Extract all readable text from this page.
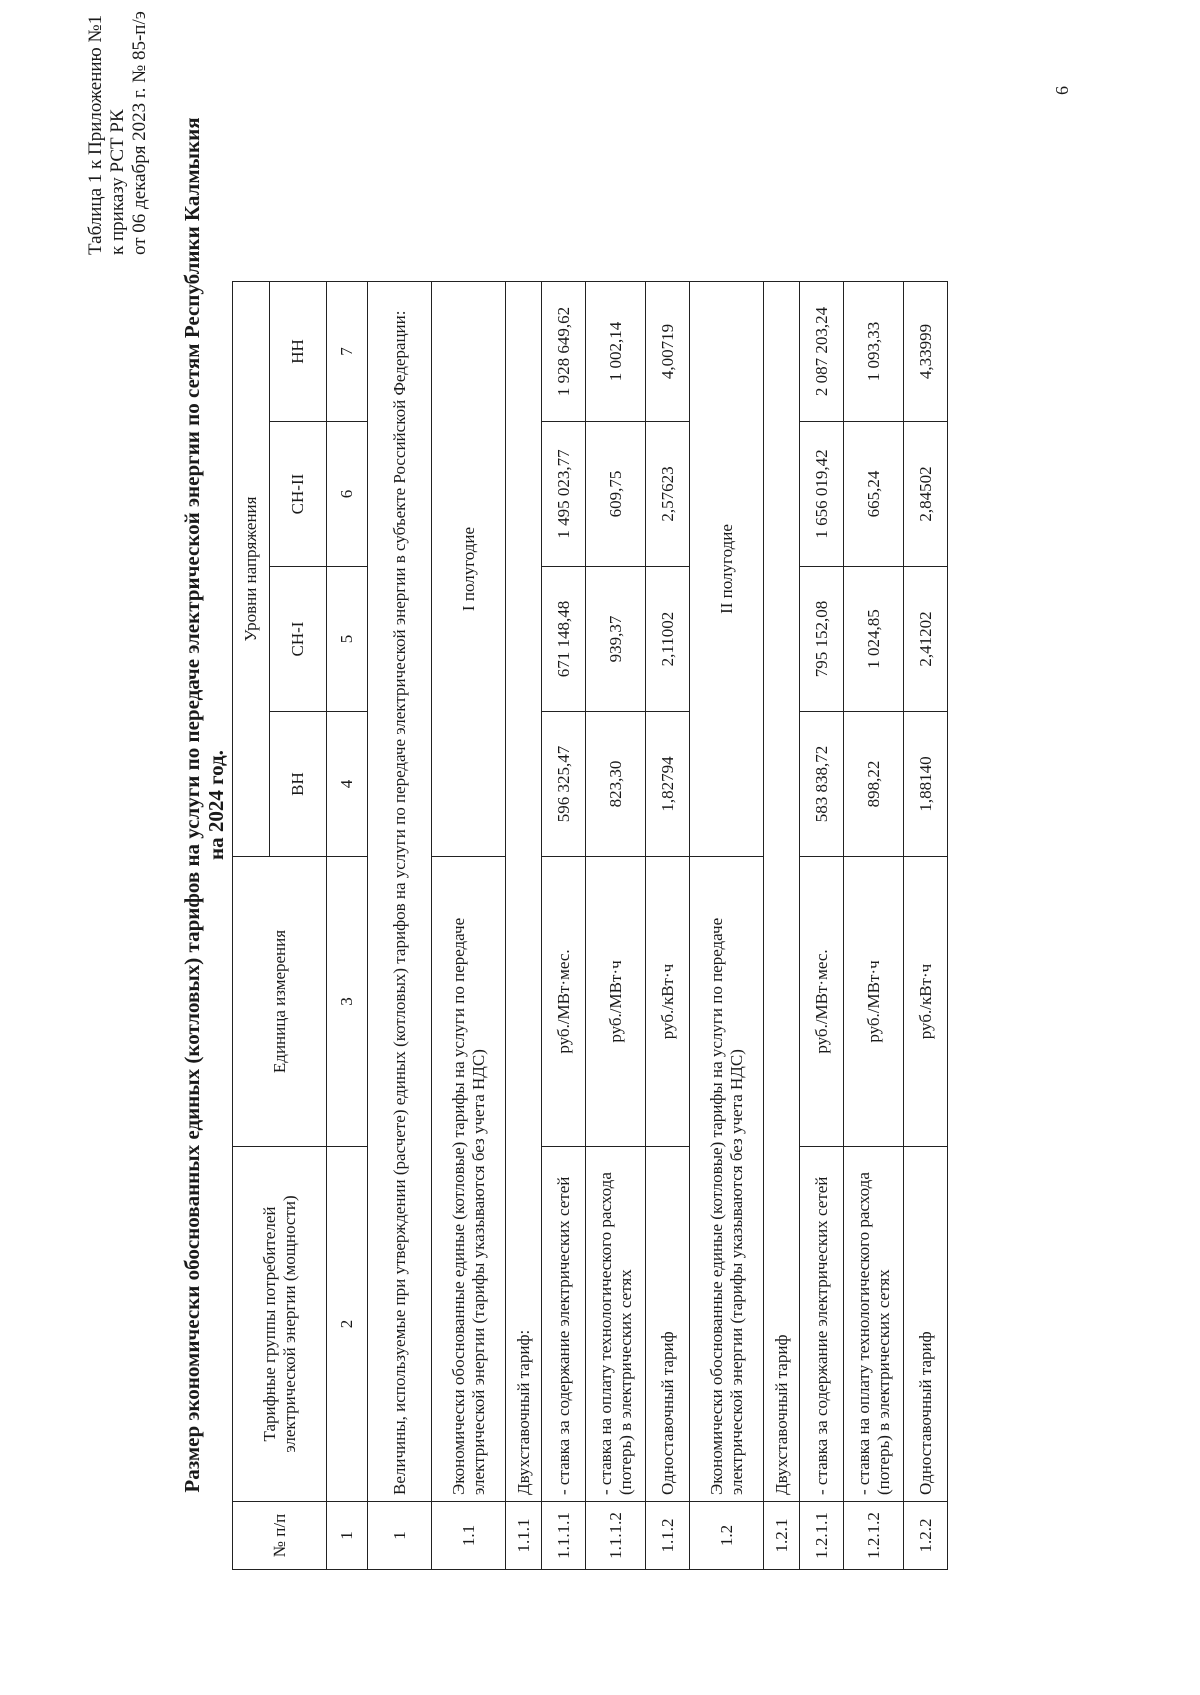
Таблица 1 к Приложению №1 к приказу РСТ РК от 06 декабря 2023 г. № 85-п/э	6
Размер экономически обоснованных единых (котловых) тарифов на услуги по передаче электрической энергии по сетям Республики Калмыкия на 2024 год.
№ п/п	Тарифные группы потребителей электрической энергии (мощности)	Единица измерения	Уровни напряжения			
			ВН	СН-I	СН-II	НН
1	2	3	4	5	6	7
1	Величины, используемые при утверждении (расчете) единых (котловых) тарифов на услуги по передаче электрической энергии в субъекте Российской Федерации:					
1.1	Экономически обоснованные единые (котловые) тарифы на услуги по передаче электрической энергии (тарифы указываются без учета НДС)		I полугодие			
1.1.1	Двухставочный тариф:					
1.1.1.1	- ставка за содержание электрических сетей	руб./МВт·мес.	596 325,47	671 148,48	1 495 023,77	1 928 649,62
1.1.1.2	- ставка на оплату технологического расхода (потерь) в электрических сетях	руб./МВт·ч	823,30	939,37	609,75	1 002,14
1.1.2	Одноставочный тариф	руб./кВт·ч	1,82794	2,11002	2,57623	4,00719
1.2	Экономически обоснованные единые (котловые) тарифы на услуги по передаче электрической энергии (тарифы указываются без учета НДС)		II полугодие			
1.2.1	Двухставочный тариф					
1.2.1.1	- ставка за содержание электрических сетей	руб./МВт·мес.	583 838,72	795 152,08	1 656 019,42	2 087 203,24
1.2.1.2	- ставка на оплату технологического расхода (потерь) в электрических сетях	руб./МВт·ч	898,22	1 024,85	665,24	1 093,33
1.2.2	Одноставочный тариф	руб./кВт·ч	1,88140	2,41202	2,84502	4,33999
